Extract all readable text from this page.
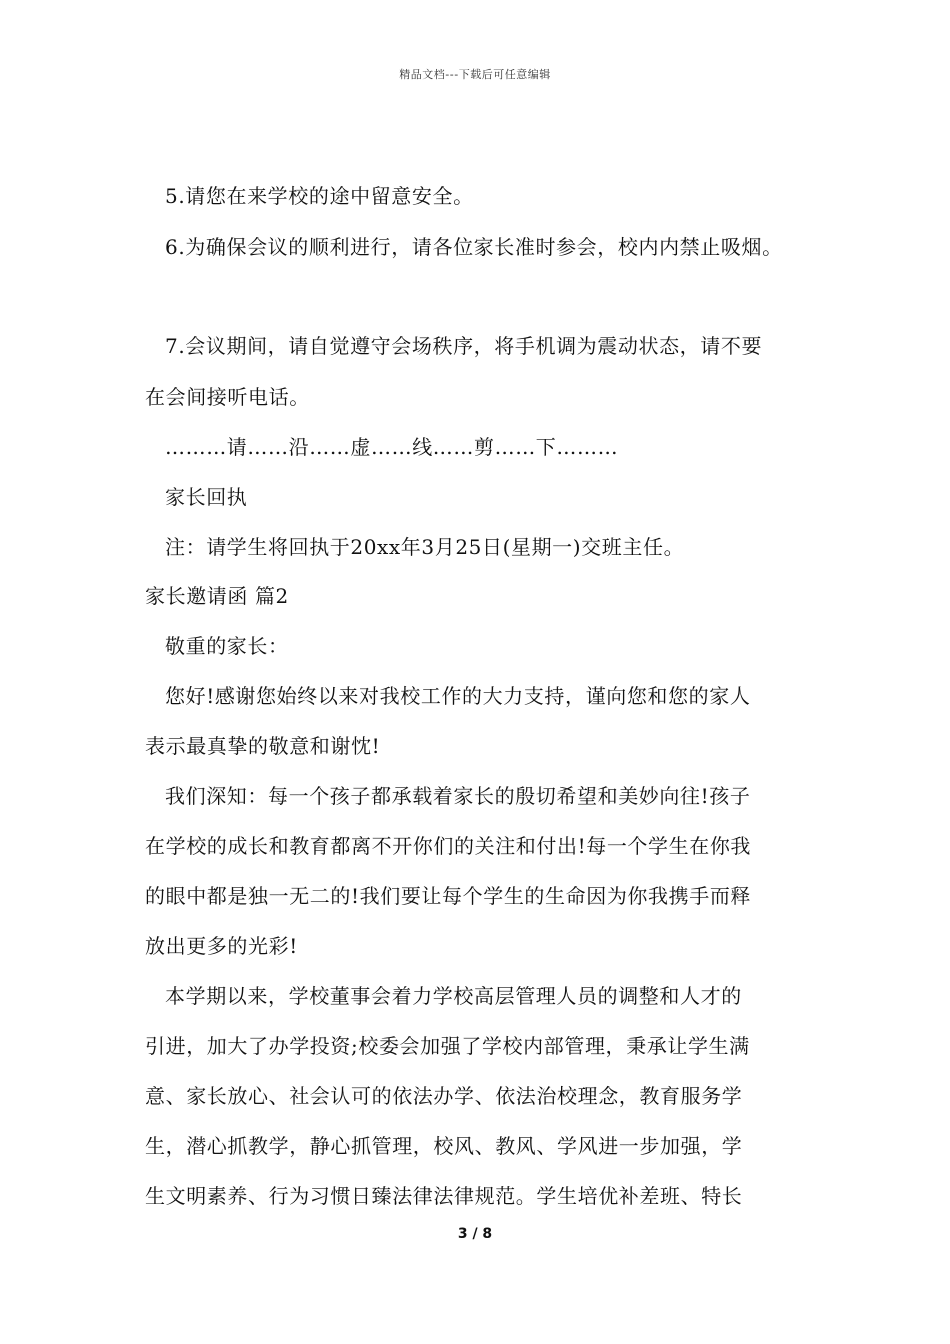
精品文档---下载后可任意编辑
5.请您在来学校的途中留意安全。
6.为确保会议的顺利进行，请各位家长准时参会，校内内禁止吸烟。
7.会议期间，请自觉遵守会场秩序，将手机调为震动状态，请不要
在会间接听电话。
………请……沿……虚……线……剪……下………
家长回执
注：请学生将回执于20xx年3月25日(星期一)交班主任。
家长邀请函 篇2
敬重的家长：
您好!感谢您始终以来对我校工作的大力支持，谨向您和您的家人
表示最真挚的敬意和谢忱!
我们深知：每一个孩子都承载着家长的殷切希望和美妙向往!孩子
在学校的成长和教育都离不开你们的关注和付出!每一个学生在你我
的眼中都是独一无二的!我们要让每个学生的生命因为你我携手而释
放出更多的光彩!
本学期以来，学校董事会着力学校高层管理人员的调整和人才的
引进，加大了办学投资;校委会加强了学校内部管理，秉承让学生满
意、家长放心、社会认可的依法办学、依法治校理念，教育服务学
生，潜心抓教学，静心抓管理，校风、教风、学风进一步加强，学
生文明素养、行为习惯日臻法律法律规范。学生培优补差班、特长
3 / 8
